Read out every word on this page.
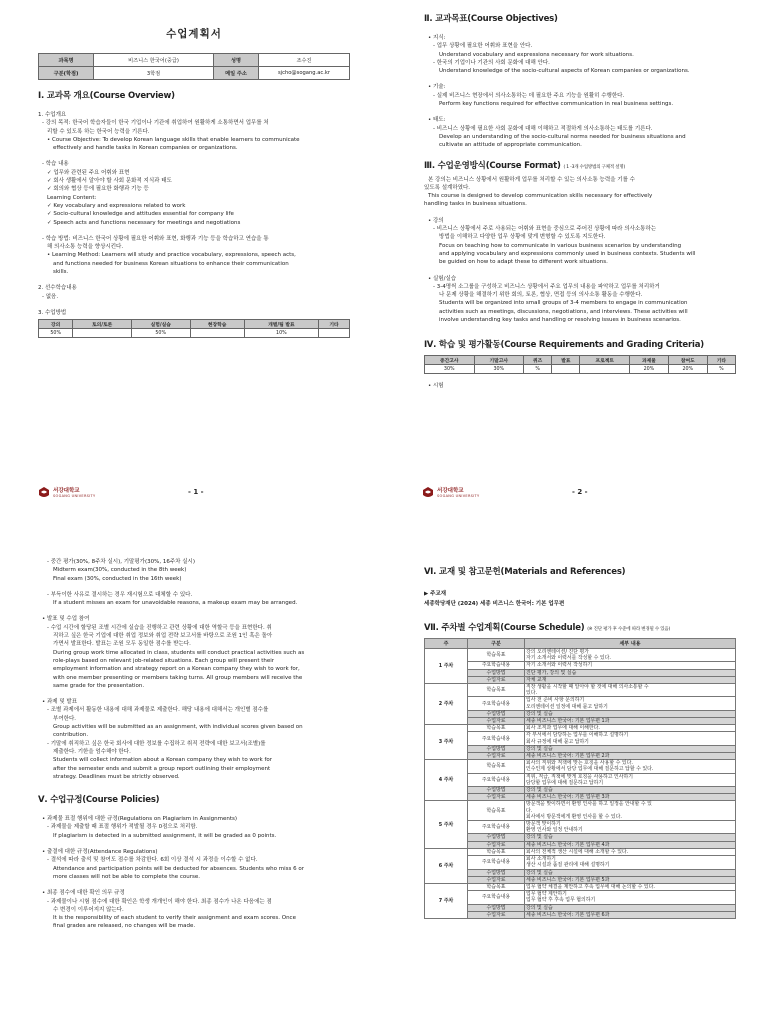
수업계획서
과목명	비즈니스 한국어(중급)	성명	조수진
구분(학점)	3학점	메일 주소	sjcho@sogang.ac.kr
Ⅰ. 교과목 개요(Course Overview)

1. 수업개요

- 강의 목적: 한국어 학습자들이 한국 기업이나 기관에 취업하여 원활하게 소통하면서 업무를 처

리할 수 있도록 하는 한국어 능력을 기른다.

• Course Objective: To develop Korean language skills that enable learners to communicate

effectively and handle tasks in Korean companies or organizations.

- 학습 내용

✓ 업무와 관련된 주요 어휘와 표현

✓ 회사 생활에서 알아야 할 사회 문화적 지식과 태도

✓ 회의와 협상 등에 필요한 화행과 기능 등

Learning Content:

✓ Key vocabulary and expressions related to work

✓ Socio-cultural knowledge and attitudes essential for company life

✓ Speech acts and functions necessary for meetings and negotiations

- 학습 방법: 비즈니스 한국어 상황에 필요한 어휘와 표현, 화행과 기능 등을 학습하고 연습을 통

해 의사소통 능력을 향상시킨다.

• Learning Method: Learners will study and practice vocabulary, expressions, speech acts,

and functions needed for business Korean situations to enhance their communication

skills.

2. 선수학습내용

- 없음.

3. 수업방법

강의	토의/토론	실험/실습	현장학습	개별/팀 발표	기타
50%		50%		10%	
서강대학교
SOGANG UNIVERSITY	- 1 -
Ⅱ. 교과목표(Course Objectives)

• 지식:

- 업무 상황에 필요한 어휘와 표현을 안다.

Understand vocabulary and expressions necessary for work situations.

- 한국의 기업이나 기관의 사회 문화에 대해 안다.

Understand knowledge of the socio-cultural aspects of Korean companies or organizations.

• 기술:

- 실제 비즈니스 현장에서 의사소통하는 데 필요한 주요 기능을 원활히 수행한다.

Perform key functions required for effective communication in real business settings.

• 태도:

- 비즈니스 상황에 필요한 사회 문화에 대해 이해하고 적절하게 의사소통하는 태도를 기른다.

Develop an understanding of the socio-cultural norms needed for business situations and

cultivate an attitude of appropriate communication.

Ⅲ. 수업운영방식(Course Format) ( 1 -3개 수업방법의 구체적 설명)

본 강의는 비즈니스 상황에서 원활하게 업무를 처리할 수 있는 의사소통 능력을 기를 수

있도록 설계하였다.

This course is designed to develop communication skills necessary for effectively

handling tasks in business situations.

• 강의

- 비즈니스 상황에서 주로 사용되는 어휘와 표현을 중심으로 주어진 상황에 따라 의사소통하는

방법을 이해하고 다양한 업무 상황에 맞게 변형할 수 있도록 지도한다.

Focus on teaching how to communicate in various business scenarios by understanding

and applying vocabulary and expressions commonly used in business contexts. Students will

be guided on how to adapt these to different work situations.

• 실험/실습

- 3-4명씩 소그룹을 구성하고 비즈니스 상황에서 주요 업무의 내용을 파악하고 업무를 처리하거

나 문제 상황을 해결하기 위한 회의, 토론, 협상, 면접 등의 의사소통 활동을 수행한다.

Students will be organized into small groups of 3-4 members to engage in communication

activities such as meetings, discussions, negotiations, and interviews. These activities will

involve understanding key tasks and handling or resolving issues in business scenarios.

Ⅳ. 학습 및 평가활동(Course Requirements and Grading Criteria)
중간고사	기말고사	퀴즈	발표	프로젝트	과제물	참여도	기타
30%	30%	%			20%	20%	%

• 시험

서강대학교
SOGANG UNIVERSITY	- 2 -

- 중간 평가(30%, 8주차 실시), 기말평가(30%, 16주차 실시)

Midterm exam(30%, conducted in the 8th week)

Final exam (30%, conducted in the 16th week)

- 부득이한 사유로 결시하는 경우 재시험으로 대체할 수 있다.

If a student misses an exam for unavoidable reasons, a makeup exam may be arranged.

• 발표 및 수업 참여

- 수업 시간에 할당된 조별 시간에 실습을 진행하고 관련 상황에 대한 역할극 등을 표현한다. 취

직하고 싶은 한국 기업에 대한 취업 정보와 취업 전략 보고서를 바탕으로 조원 1인 혹은 돌아

가면서 발표한다. 발표는 조원 모두 동일한 점수를 받는다.

During group work time allocated in class, students will conduct practical activities such as

role-plays based on relevant job-related situations. Each group will present their

employment information and strategy report on a Korean company they wish to work for,

with one member presenting or members taking turns. All group members will receive the

same grade for the presentation.

• 과제 및 발표

- 조별 과제에서 활동한 내용에 대해 과제물로 제출한다. 해당 내용에 대해서는 개인별 점수를

부여한다.

Group activities will be submitted as an assignment, with individual scores given based on

contribution.

- 기말에 취직하고 싶은 한국 회사에 대한 정보를 수집하고 취직 전략에 대한 보고서(조별)를

제출한다. 기한을 엄수해야 한다.

Students will collect information about a Korean company they wish to work for

after the semester ends and submit a group report outlining their employment

strategy. Deadlines must be strictly observed.

Ⅴ. 수업규정(Course Policies)

• 과제물 표절 행위에 대한 규정(Regulations on Plagiarism in Assignments)

- 과제물을 제출할 때 표절 행위가 적발될 경우 0점으로 처리함.

If plagiarism is detected in a submitted assignment, it will be graded as 0 points.

• 출결에 대한 규정(Attendance Regulations)

- 결석에 따라 출석 및 참여도 점수를 차감한다. 6회 이상 결석 시 과정을 이수할 수 없다.

Attendance and participation points will be deducted for absences. Students who miss 6 or

more classes will not be able to complete the course.

• 최종 점수에 대한 확인 의무 규정

- 과제물이나 시험 점수에 대한 확인은 학생 개개인이 해야 한다. 최종 점수가 나온 다음에는 점

수 변경이 이루어지지 않는다.

It is the responsibility of each student to verify their assignment and exam scores. Once

final grades are released, no changes will be made.

Ⅵ. 교재 및 참고문헌(Materials and References)

▶ 주교재

세종학당재단 (2024) 세종 비즈니스 한국어: 기본 업무편

Ⅶ. 주차별 수업계획(Course Schedule) (※ 진단 평가 후 수준에 따라 변경될 수 있음)
주	구분	세부 내용
1 주차	학습목표	강의 오리엔테이션/ 진단 평가
자기 소개서와 이력서를 작성할 수 있다.
	주요학습내용	자기 소개서와 이력서 작성하기
	수업방법	진단 평가, 강의 및 실습
	수업자료	자체 교재
2 주차	학습목표	직장 생활을 시작할 때 알아야 할 것에 대해 의사소통할 수
있다.
	주요학습내용	입사 전 준비 사항 문의하기
오리엔테이션 일정에 대해 묻고 답하기
	수업방법	강의 및 실습
	수업자료	세종 비즈니스 한국어: 기본 업무편 1과
3 주차	학습목표	회사 조직과 업무에 대해 이해한다.
	주요학습내용	각 부서에서 담당하는 업무를 이해하고 설명하기
회사 규정에 대해 묻고 답하기
	수업방법	강의 및 실습
	수업자료	세종 비즈니스 한국어: 기본 업무편 2과
4 주차	학습목표	회사의 직위와 직책에 맞는 호칭을 사용할 수 있다.
인수인계 상황에서 담당 업무에 대해 질문하고 답할 수 있다.
	주요학습내용	직위, 직급, 직책에 맞게 호칭을 사용하고 인사하기
담당할 업무에 대해 질문하고 답하기
	수업방법	강의 및 실습
	수업자료	세종 비즈니스 한국어: 기본 업무편 3과
5 주차	학습목표	방문객을 맞이하면서 환영 인사를 하고 일정을 안내할 수 있
다.
회사에서 방문객에게 환영 인사를 할 수 있다.
	주요학습내용	방문객 맞이하기
환영 인사와 일정 안내하기
	수업방법	강의 및 실습
	수업자료	세종 비즈니스 한국어: 기본 업무편 4과
6 주차	학습목표	회사의 전체적 생산 시설에 대해 소개할 수 있다.
	주요학습내용	회사 소개하기
생산 시설과 품질 관리에 대해 설명하기
	수업방법	강의 및 실습
	수업자료	세종 비즈니스 한국어: 기본 업무편 5과
7 주차	학습목표	업무 협약 체결을 제안하고 후속 업무에 대해 논의할 수 있다.
	주요학습내용	업무 협약 제안하기
업무 협약 후 후속 업무 협의하기
	수업방법	강의 및 실습
	수업자료	세종 비즈니스 한국어: 기본 업무편 6과
